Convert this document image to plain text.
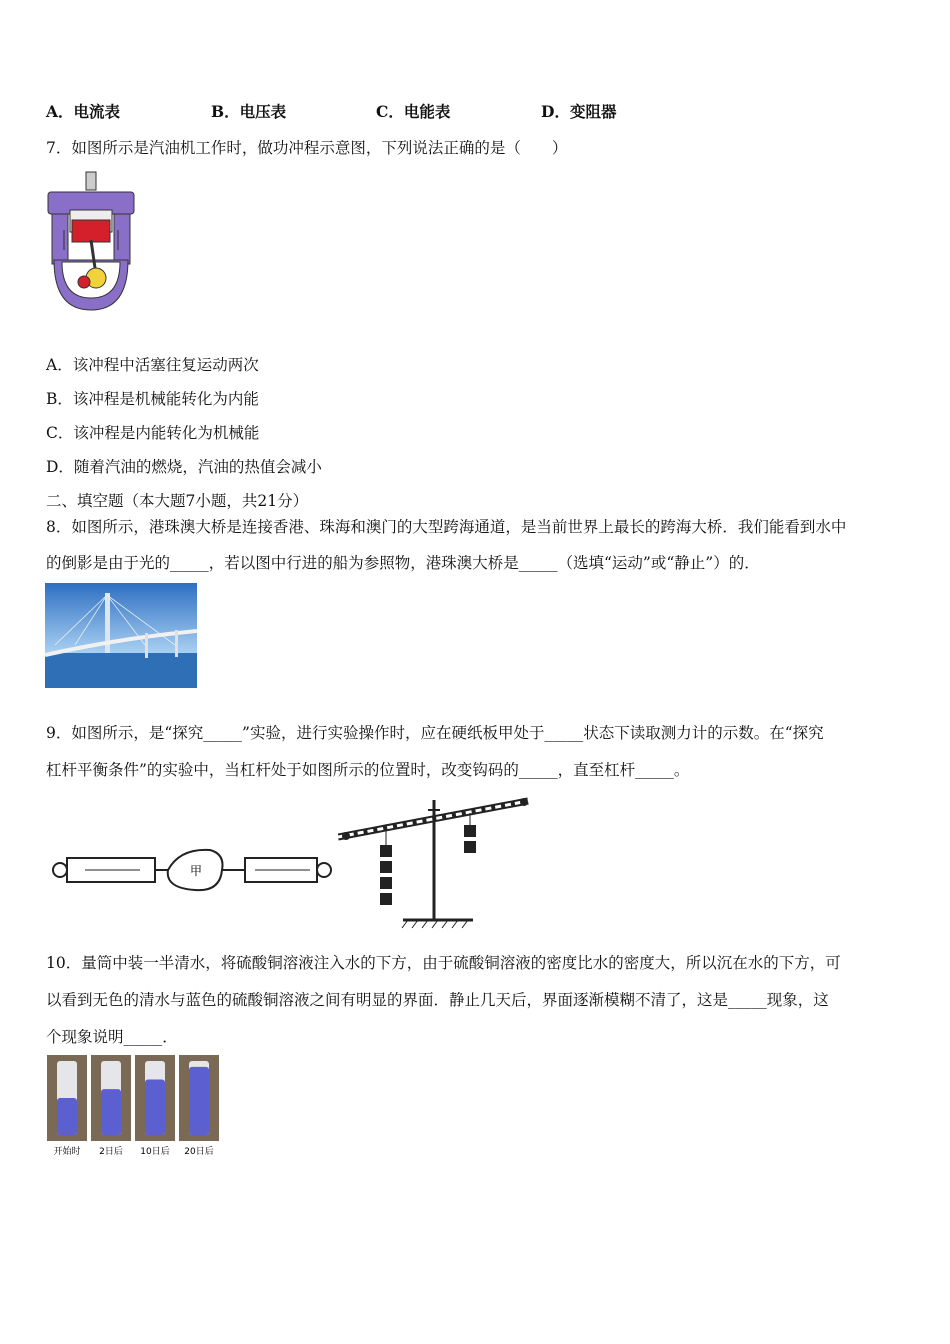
A．电流表	B．电压表	C．电能表	D．变阻器
7．如图所示是汽油机工作时，做功冲程示意图，下列说法正确的是（　　）
A．该冲程中活塞往复运动两次
B．该冲程是机械能转化为内能
C．该冲程是内能转化为机械能
D．随着汽油的燃烧，汽油的热值会减小
二、填空题（本大题7小题，共21分）
8．如图所示，港珠澳大桥是连接香港、珠海和澳门的大型跨海通道，是当前世界上最长的跨海大桥．我们能看到水中
的倒影是由于光的_____，若以图中行进的船为参照物，港珠澳大桥是_____（选填“运动”或“静止”）的．
9．如图所示，是“探究_____”实验，进行实验操作时，应在硬纸板甲处于_____状态下读取测力计的示数。在“探究
杠杆平衡条件”的实验中，当杠杆处于如图所示的位置时，改变钩码的_____，直至杠杆_____。
甲
10．量筒中装一半清水，将硫酸铜溶液注入水的下方，由于硫酸铜溶液的密度比水的密度大，所以沉在水的下方，可
以看到无色的清水与蓝色的硫酸铜溶液之间有明显的界面．静止几天后，界面逐渐模糊不清了，这是_____现象，这
个现象说明_____．
开始时 2日后 10日后 20日后
